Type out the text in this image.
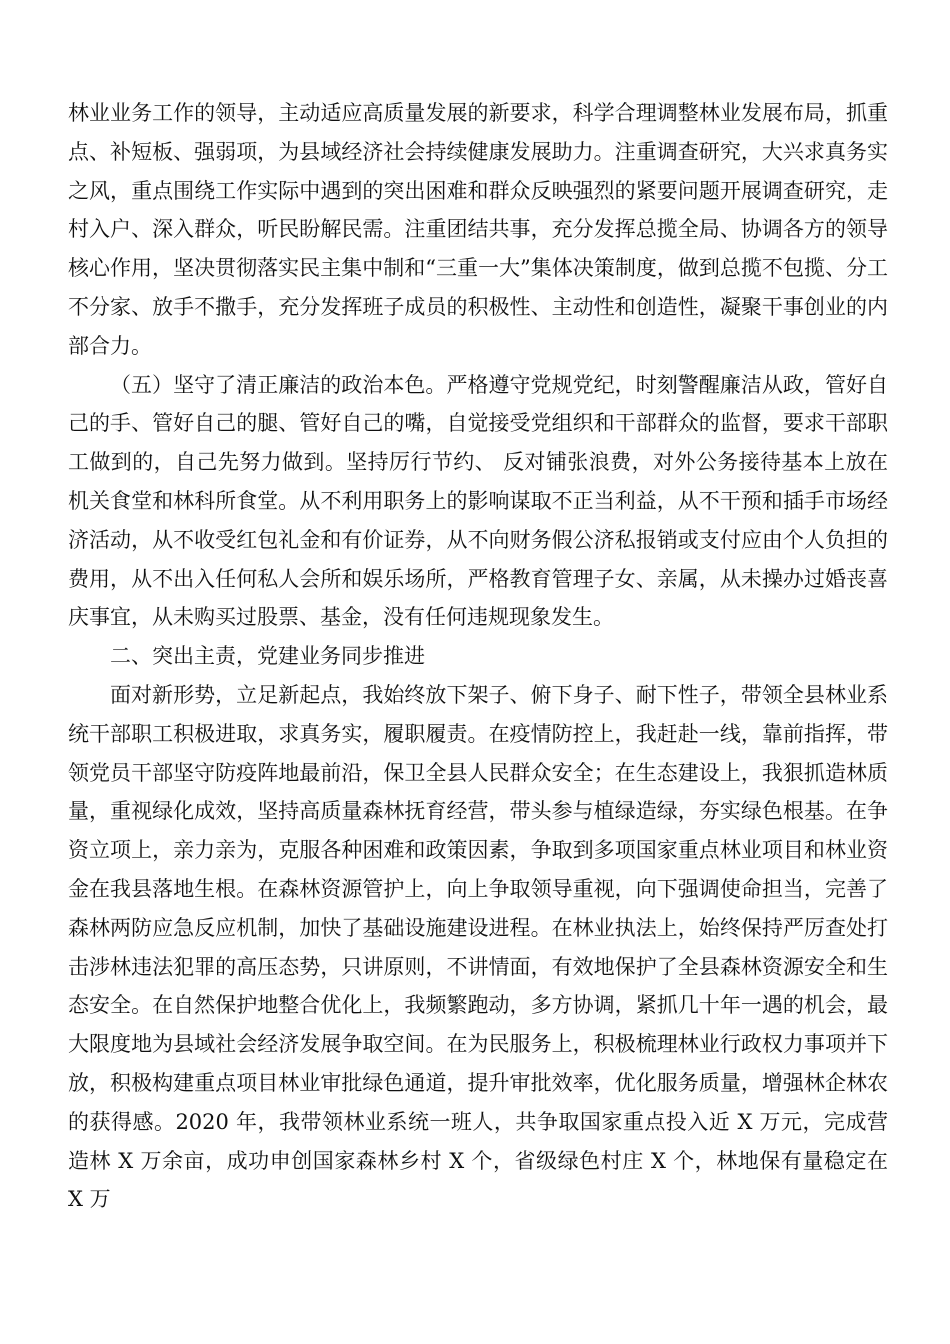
林业业务工作的领导，主动适应高质量发展的新要求，科学合理调整林业发展布局，抓重点、补短板、强弱项，为县域经济社会持续健康发展助力。注重调查研究，大兴求真务实之风，重点围绕工作实际中遇到的突出困难和群众反映强烈的紧要问题开展调查研究，走村入户、深入群众，听民盼解民需。注重团结共事，充分发挥总揽全局、协调各方的领导核心作用，坚决贯彻落实民主集中制和“三重一大”集体决策制度，做到总揽不包揽、分工不分家、放手不撒手，充分发挥班子成员的积极性、主动性和创造性，凝聚干事创业的内部合力。

（五）坚守了清正廉洁的政治本色。严格遵守党规党纪，时刻警醒廉洁从政，管好自己的手、管好自己的腿、管好自己的嘴，自觉接受党组织和干部群众的监督，要求干部职工做到的，自己先努力做到。坚持厉行节约、 反对铺张浪费，对外公务接待基本上放在机关食堂和林科所食堂。从不利用职务上的影响谋取不正当利益，从不干预和插手市场经济活动，从不收受红包礼金和有价证券，从不向财务假公济私报销或支付应由个人负担的费用，从不出入任何私人会所和娱乐场所，严格教育管理子女、亲属，从未操办过婚丧喜庆事宜，从未购买过股票、基金，没有任何违规现象发生。

二、突出主责，党建业务同步推进

面对新形势，立足新起点，我始终放下架子、俯下身子、耐下性子，带领全县林业系统干部职工积极进取，求真务实，履职履责。在疫情防控上，我赶赴一线，靠前指挥，带领党员干部坚守防疫阵地最前沿，保卫全县人民群众安全；在生态建设上，我狠抓造林质量，重视绿化成效，坚持高质量森林抚育经营，带头参与植绿造绿，夯实绿色根基。在争资立项上，亲力亲为，克服各种困难和政策因素，争取到多项国家重点林业项目和林业资金在我县落地生根。在森林资源管护上，向上争取领导重视，向下强调使命担当，完善了森林两防应急反应机制，加快了基础设施建设进程。在林业执法上，始终保持严厉查处打击涉林违法犯罪的高压态势，只讲原则，不讲情面，有效地保护了全县森林资源安全和生态安全。在自然保护地整合优化上，我频繁跑动，多方协调，紧抓几十年一遇的机会，最大限度地为县域社会经济发展争取空间。在为民服务上，积极梳理林业行政权力事项并下放，积极构建重点项目林业审批绿色通道，提升审批效率，优化服务质量，增强林企林农的获得感。2020 年，我带领林业系统一班人，共争取国家重点投入近 X 万元，完成营造林 X 万余亩，成功申创国家森林乡村 X 个，省级绿色村庄 X 个，林地保有量稳定在 X 万
